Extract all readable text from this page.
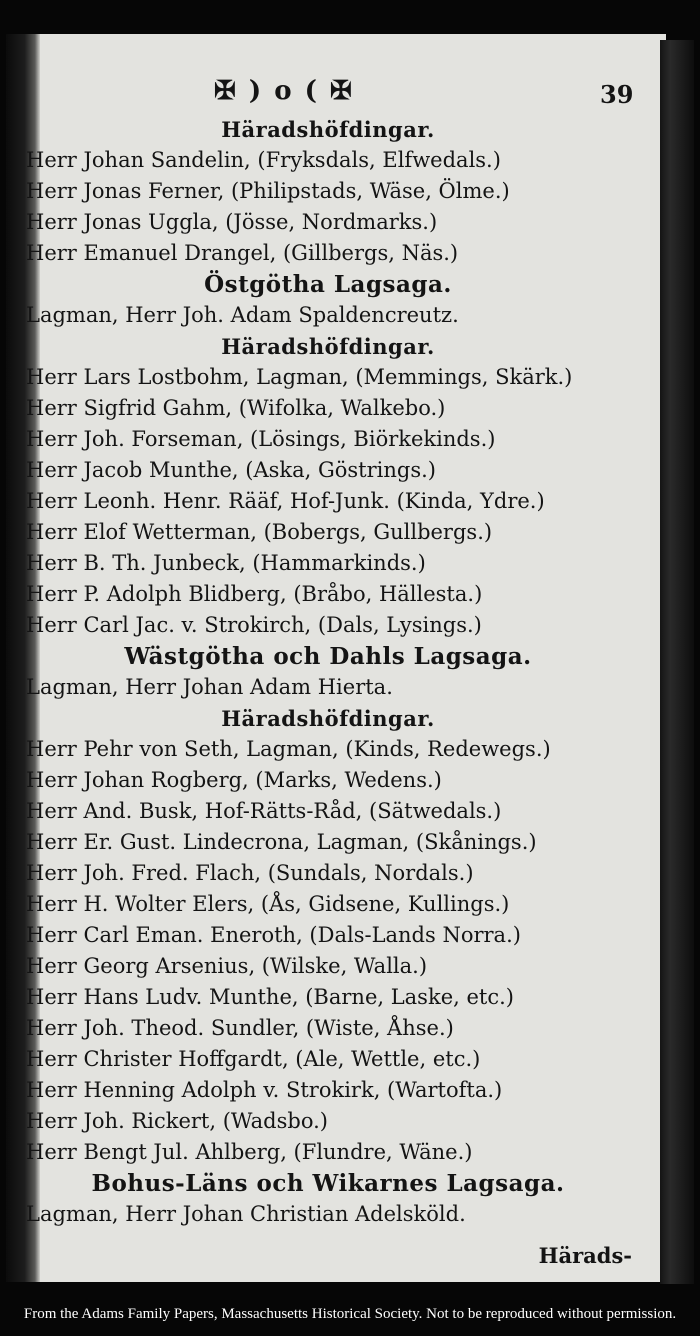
✠ ) o ( ✠	39
Häradshöfdingar.
Herr Johan Sandelin, (Fryksdals, Elfwedals.)
Herr Jonas Ferner, (Philipstads, Wäse, Ölme.)
Herr Jonas Uggla, (Jösse, Nordmarks.)
Herr Emanuel Drangel, (Gillbergs, Näs.)
Östgötha Lagsaga.
Lagman, Herr Joh. Adam Spaldencreutz.
Häradshöfdingar.
Herr Lars Lostbohm, Lagman, (Memmings, Skärk.)
Herr Sigfrid Gahm, (Wifolka, Walkebo.)
Herr Joh. Forseman, (Lösings, Biörkekinds.)
Herr Jacob Munthe, (Aska, Göstrings.)
Herr Leonh. Henr. Rääf, Hof-Junk. (Kinda, Ydre.)
Herr Elof Wetterman, (Bobergs, Gullbergs.)
Herr B. Th. Junbeck, (Hammarkinds.)
Herr P. Adolph Blidberg, (Bråbo, Hällesta.)
Herr Carl Jac. v. Strokirch, (Dals, Lysings.)
Wästgötha och Dahls Lagsaga.
Lagman, Herr Johan Adam Hierta.
Häradshöfdingar.
Herr Pehr von Seth, Lagman, (Kinds, Redewegs.)
Herr Johan Rogberg, (Marks, Wedens.)
Herr And. Busk, Hof-Rätts-Råd, (Sätwedals.)
Herr Er. Gust. Lindecrona, Lagman, (Skånings.)
Herr Joh. Fred. Flach, (Sundals, Nordals.)
Herr H. Wolter Elers, (Ås, Gidsene, Kullings.)
Herr Carl Eman. Eneroth, (Dals-Lands Norra.)
Herr Georg Arsenius, (Wilske, Walla.)
Herr Hans Ludv. Munthe, (Barne, Laske, etc.)
Herr Joh. Theod. Sundler, (Wiste, Åhse.)
Herr Christer Hoffgardt, (Ale, Wettle, etc.)
Herr Henning Adolph v. Strokirk, (Wartofta.)
Herr Joh. Rickert, (Wadsbo.)
Herr Bengt Jul. Ahlberg, (Flundre, Wäne.)
Bohus-Läns och Wikarnes Lagsaga.
Lagman, Herr Johan Christian Adelsköld.
Härads-
From the Adams Family Papers, Massachusetts Historical Society. Not to be reproduced without permission.
